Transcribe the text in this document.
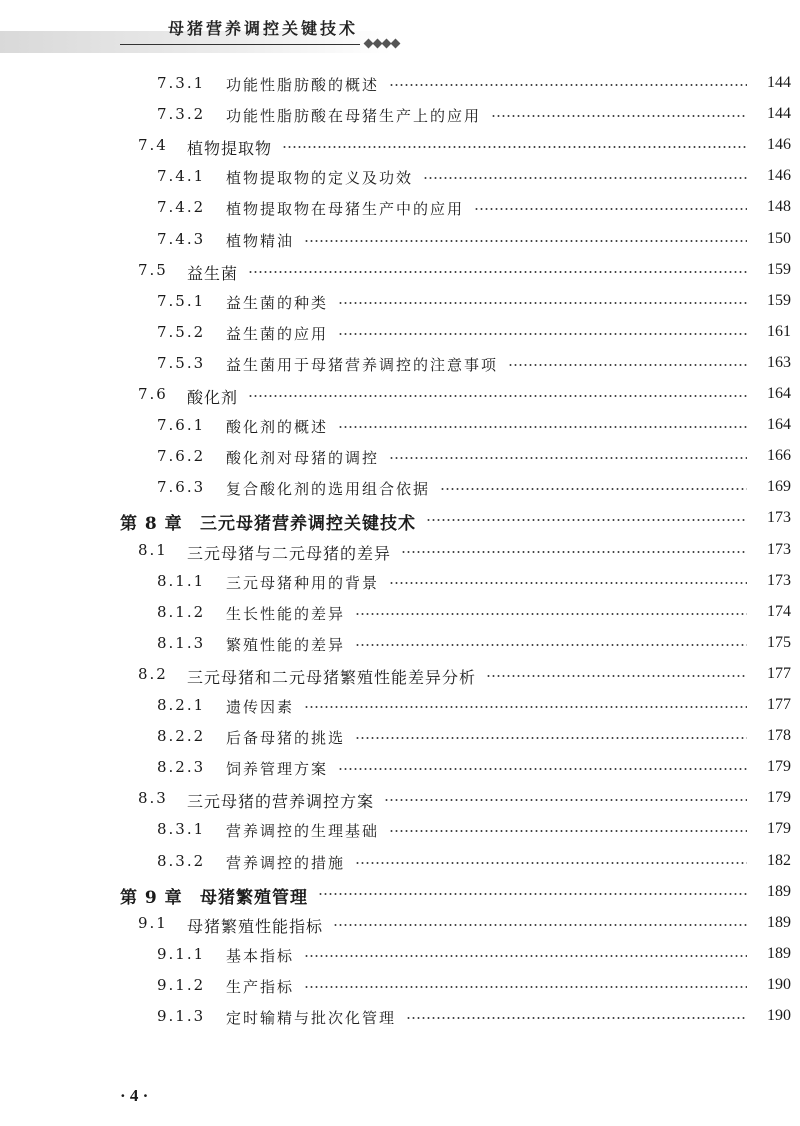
母猪营养调控关键技术
7.3.1 功能性脂肪酸的概述	144
7.3.2 功能性脂肪酸在母猪生产上的应用	144
7.4 植物提取物	146
7.4.1 植物提取物的定义及功效	146
7.4.2 植物提取物在母猪生产中的应用	148
7.4.3 植物精油	150
7.5 益生菌	159
7.5.1 益生菌的种类	159
7.5.2 益生菌的应用	161
7.5.3 益生菌用于母猪营养调控的注意事项	163
7.6 酸化剂	164
7.6.1 酸化剂的概述	164
7.6.2 酸化剂对母猪的调控	166
7.6.3 复合酸化剂的选用组合依据	169
第 8 章 三元母猪营养调控关键技术	173
8.1 三元母猪与二元母猪的差异	173
8.1.1 三元母猪种用的背景	173
8.1.2 生长性能的差异	174
8.1.3 繁殖性能的差异	175
8.2 三元母猪和二元母猪繁殖性能差异分析	177
8.2.1 遗传因素	177
8.2.2 后备母猪的挑选	178
8.2.3 饲养管理方案	179
8.3 三元母猪的营养调控方案	179
8.3.1 营养调控的生理基础	179
8.3.2 营养调控的措施	182
第 9 章 母猪繁殖管理	189
9.1 母猪繁殖性能指标	189
9.1.1 基本指标	189
9.1.2 生产指标	190
9.1.3 定时输精与批次化管理	190
· 4 ·
